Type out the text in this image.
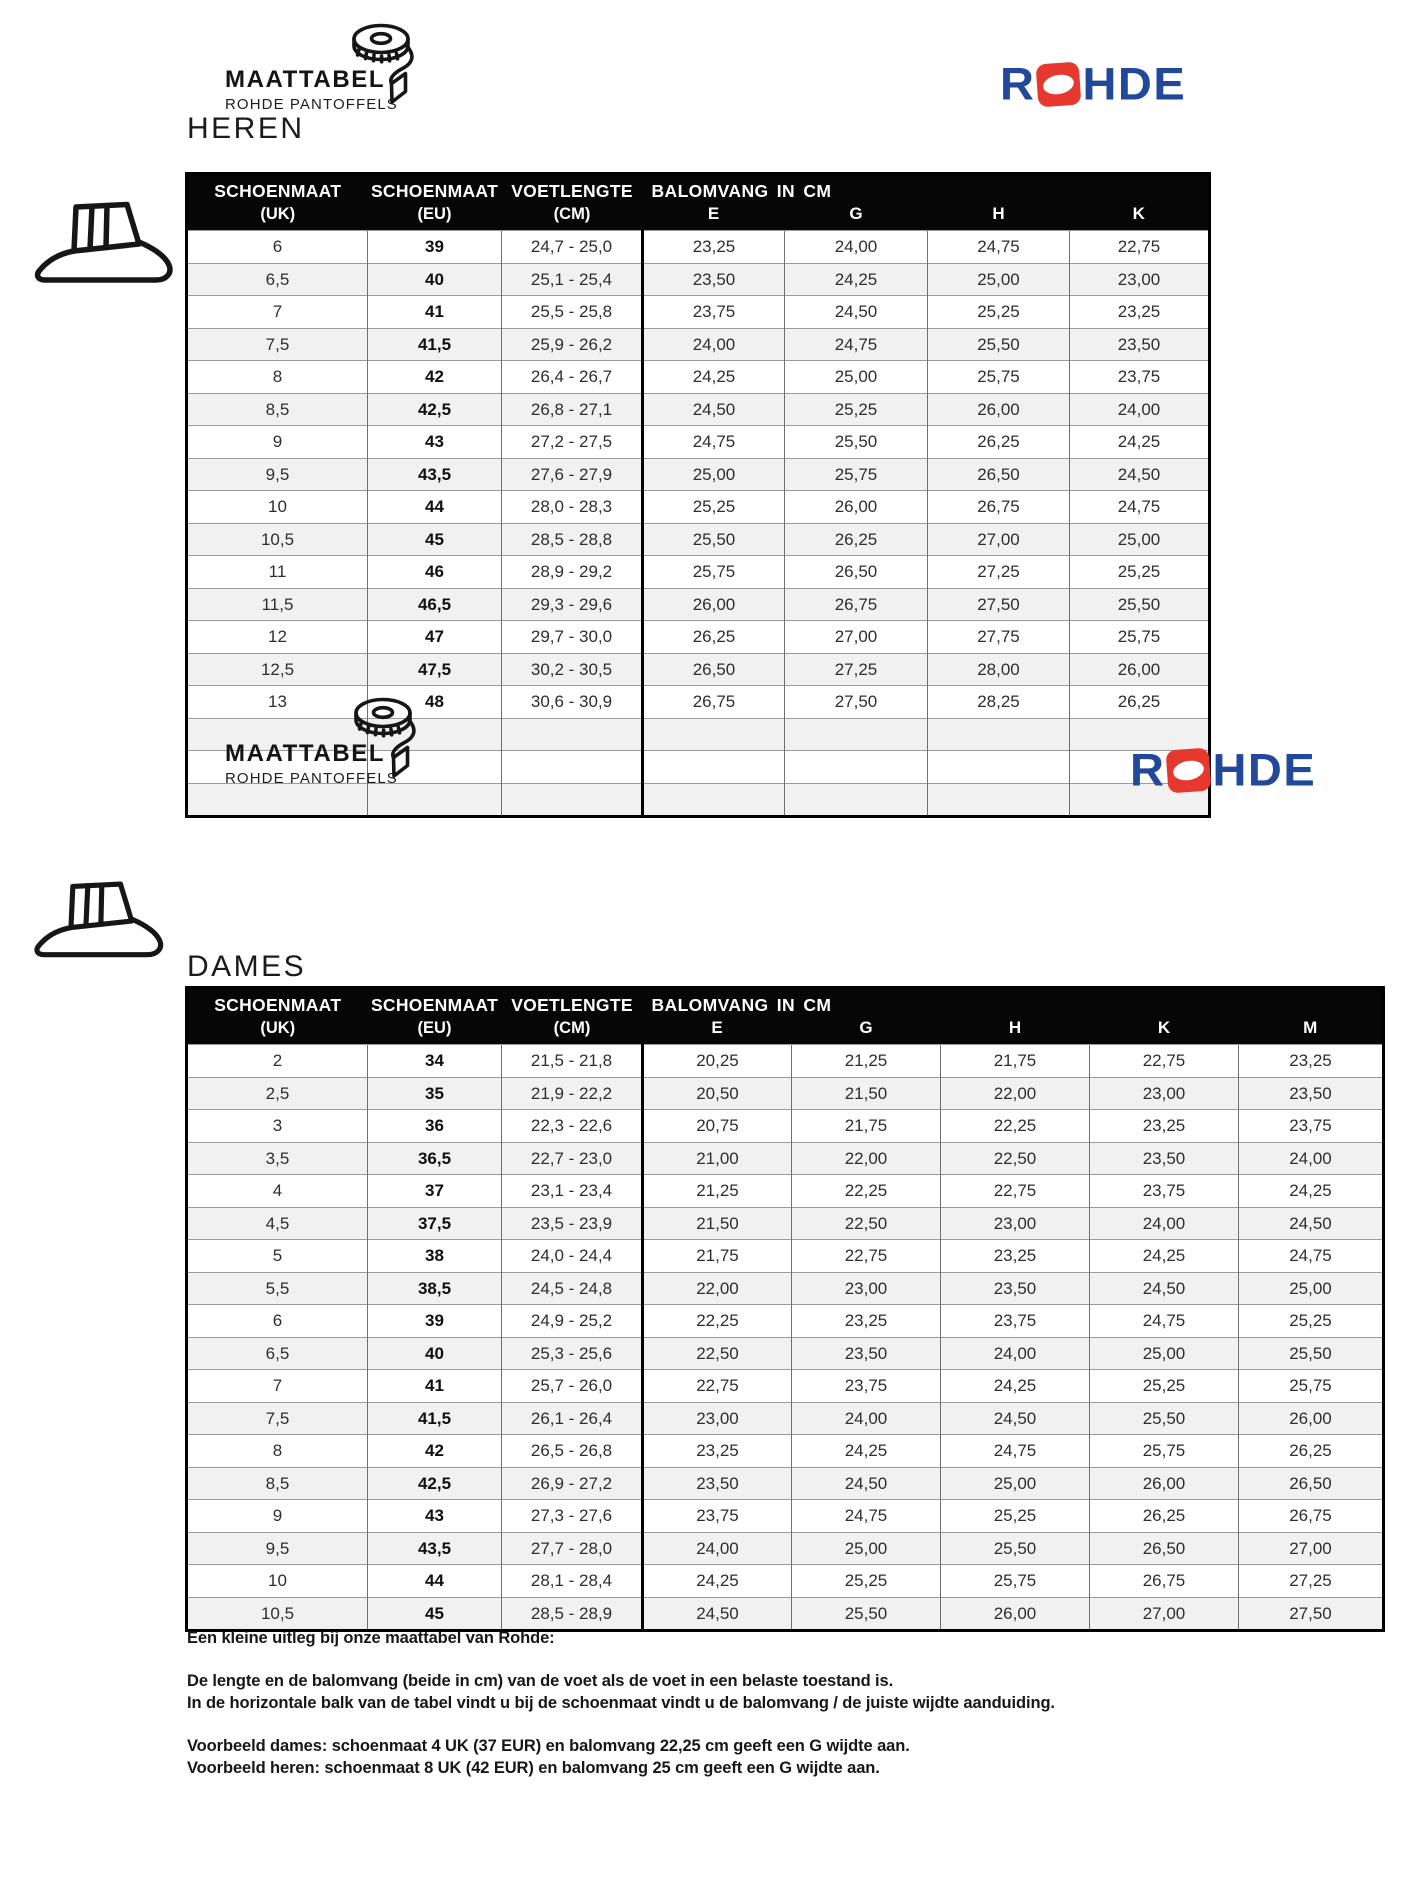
MAATTABEL
ROHDE PANTOFFELS	R HDE
HEREN
SCHOENMAAT
(UK)

SCHOENMAAT
(EU)

VOETLENGTE
(CM)
	BALOMVANG IN CM
			E	G	H	K
6	39	24,7 - 25,0	23,25	24,00	24,75	22,75
6,5	40	25,1 - 25,4	23,50	24,25	25,00	23,00
7	41	25,5 - 25,8	23,75	24,50	25,25	23,25
7,5	41,5	25,9 - 26,2	24,00	24,75	25,50	23,50
8	42	26,4 - 26,7	24,25	25,00	25,75	23,75
8,5	42,5	26,8 - 27,1	24,50	25,25	26,00	24,00
9	43	27,2 - 27,5	24,75	25,50	26,25	24,25
9,5	43,5	27,6 - 27,9	25,00	25,75	26,50	24,50
10	44	28,0 - 28,3	25,25	26,00	26,75	24,75
10,5	45	28,5 - 28,8	25,50	26,25	27,00	25,00
11	46	28,9 - 29,2	25,75	26,50	27,25	25,25
11,5	46,5	29,3 - 29,6	26,00	26,75	27,50	25,50
12	47	29,7 - 30,0	26,25	27,00	27,75	25,75
12,5	47,5	30,2 - 30,5	26,50	27,25	28,00	26,00
13	48	30,6 - 30,9	26,75	27,50	28,25	26,25

MAATTABEL
ROHDE PANTOFFELS	R HDE
DAMES
SCHOENMAAT
(UK)

SCHOENMAAT
(EU)

VOETLENGTE
(CM)
	BALOMVANG IN CM
			E	G	H	K	M
2	34	21,5 - 21,8	20,25	21,25	21,75	22,75	23,25
2,5	35	21,9 - 22,2	20,50	21,50	22,00	23,00	23,50
3	36	22,3 - 22,6	20,75	21,75	22,25	23,25	23,75
3,5	36,5	22,7 - 23,0	21,00	22,00	22,50	23,50	24,00
4	37	23,1 - 23,4	21,25	22,25	22,75	23,75	24,25
4,5	37,5	23,5 - 23,9	21,50	22,50	23,00	24,00	24,50
5	38	24,0 - 24,4	21,75	22,75	23,25	24,25	24,75
5,5	38,5	24,5 - 24,8	22,00	23,00	23,50	24,50	25,00
6	39	24,9 - 25,2	22,25	23,25	23,75	24,75	25,25
6,5	40	25,3 - 25,6	22,50	23,50	24,00	25,00	25,50
7	41	25,7 - 26,0	22,75	23,75	24,25	25,25	25,75
7,5	41,5	26,1 - 26,4	23,00	24,00	24,50	25,50	26,00
8	42	26,5 - 26,8	23,25	24,25	24,75	25,75	26,25
8,5	42,5	26,9 - 27,2	23,50	24,50	25,00	26,00	26,50
9	43	27,3 - 27,6	23,75	24,75	25,25	26,25	26,75
9,5	43,5	27,7 - 28,0	24,00	25,00	25,50	26,50	27,00
10	44	28,1 - 28,4	24,25	25,25	25,75	26,75	27,25
10,5	45	28,5 - 28,9	24,50	25,50	26,00	27,00	27,50
Een kleine uitleg bij onze maattabel van Rohde:
De lengte en de balomvang (beide in cm) van de voet als de voet in een belaste toestand is.
In de horizontale balk van de tabel vindt u bij de schoenmaat vindt u de balomvang / de juiste wijdte aanduiding.
Voorbeeld dames: schoenmaat 4 UK (37 EUR) en balomvang 22,25 cm geeft een G wijdte aan.
Voorbeeld heren: schoenmaat 8 UK (42 EUR) en balomvang 25 cm geeft een G wijdte aan.
